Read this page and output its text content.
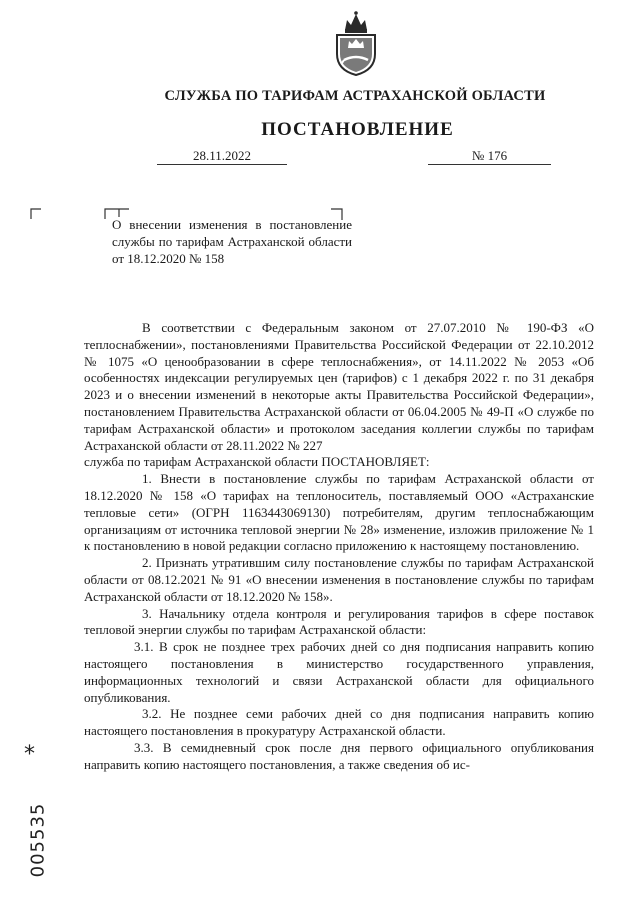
СЛУЖБА ПО ТАРИФАМ АСТРАХАНСКОЙ ОБЛАСТИ
ПОСТАНОВЛЕНИЕ
28.11.2022	№ 176
О внесении изменения в постановление службы по тарифам Астраханской области от 18.12.2020 № 158

В соответствии с Федеральным законом от 27.07.2010 № 190-ФЗ «О теплоснабжении», постановлениями Правительства Российской Федерации от 22.10.2012 № 1075 «О ценообразовании в сфере теплоснабжения», от 14.11.2022 № 2053 «Об особенностях индексации регулируемых цен (тарифов) с 1 декабря 2022 г. по 31 декабря 2023 и о внесении изменений в некоторые акты Правительства Российской Федерации», постановлением Правительства Астраханской области от 06.04.2005 № 49-П «О службе по тарифам Астраханской области» и протоколом заседания коллегии службы по тарифам Астраханской области от 28.11.2022 № 227

служба по тарифам Астраханской области ПОСТАНОВЛЯЕТ:

1. Внести в постановление службы по тарифам Астраханской области от 18.12.2020 № 158 «О тарифах на теплоноситель, поставляемый ООО «Астраханские тепловые сети» (ОГРН 1163443069130) потребителям, другим теплоснабжающим организациям от источника тепловой энергии № 28» изменение, изложив приложение № 1 к постановлению в новой редакции согласно приложению к настоящему постановлению.

2. Признать утратившим силу постановление службы по тарифам Астраханской области от 08.12.2021 № 91 «О внесении изменения в постановление службы по тарифам Астраханской области от 18.12.2020 № 158».

3. Начальнику отдела контроля и регулирования тарифов в сфере поставок тепловой энергии службы по тарифам Астраханской области:

3.1. В срок не позднее трех рабочих дней со дня подписания направить копию настоящего постановления в министерство государственного управления, информационных технологий и связи Астраханской области для официального опубликования.

3.2. Не позднее семи рабочих дней со дня подписания направить копию настоящего постановления в прокуратуру Астраханской области.

3.3. В семидневный срок после дня первого официального опубликования направить копию настоящего постановления, а также сведения об ис-

*
005535
